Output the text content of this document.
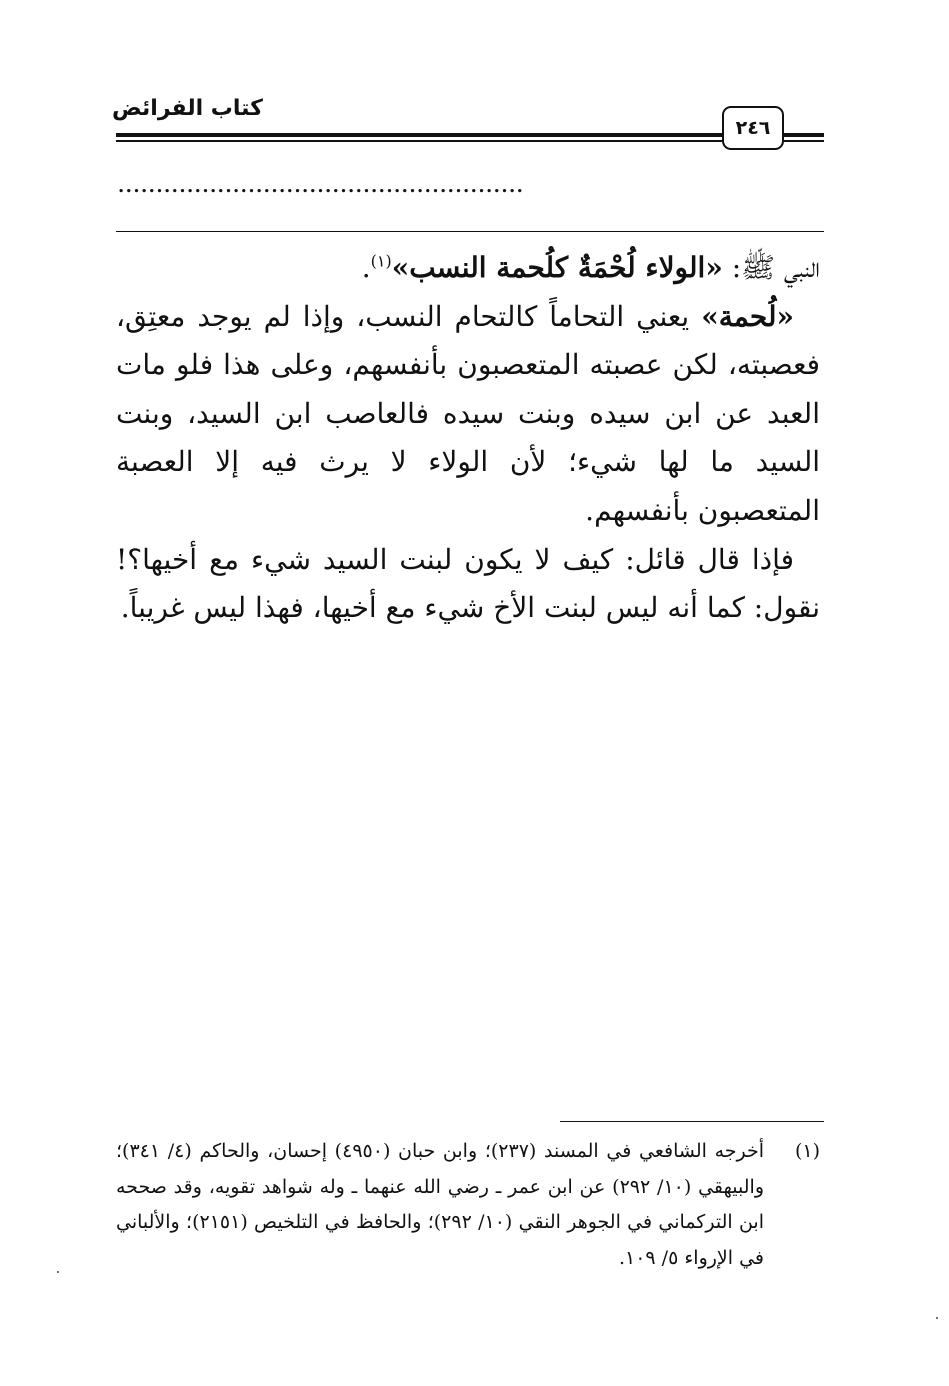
كتاب الفرائض
٢٤٦
.....................................................

النبي ﷺ: «الولاء لُحْمَةٌ كلُحمة النسب»$^{(١)}$.

«لُحمة» يعني التحاماً كالتحام النسب، وإذا لم يوجد معتِق، فعصبته، لكن عصبته المتعصبون بأنفسهم، وعلى هذا فلو مات العبد عن ابن سيده وبنت سيده فالعاصب ابن السيد، وبنت السيد ما لها شيء؛ لأن الولاء لا يرث فيه إلا العصبة المتعصبون بأنفسهم.

فإذا قال قائل: كيف لا يكون لبنت السيد شيء مع أخيها؟! نقول: كما أنه ليس لبنت الأخ شيء مع أخيها، فهذا ليس غريباً.

(١)
أخرجه الشافعي في المسند (٢٣٧)؛ وابن حبان (٤٩٥٠) إحسان، والحاكم (٤/ ٣٤١)؛ والبيهقي (١٠/ ٢٩٢) عن ابن عمر ـ رضي الله عنهما ـ وله شواهد تقويه، وقد صححه ابن التركماني في الجوهر النقي (١٠/ ٢٩٢)؛ والحافظ في التلخيص (٢١٥١)؛ والألباني في الإرواء ٥/ ١٠٩.
